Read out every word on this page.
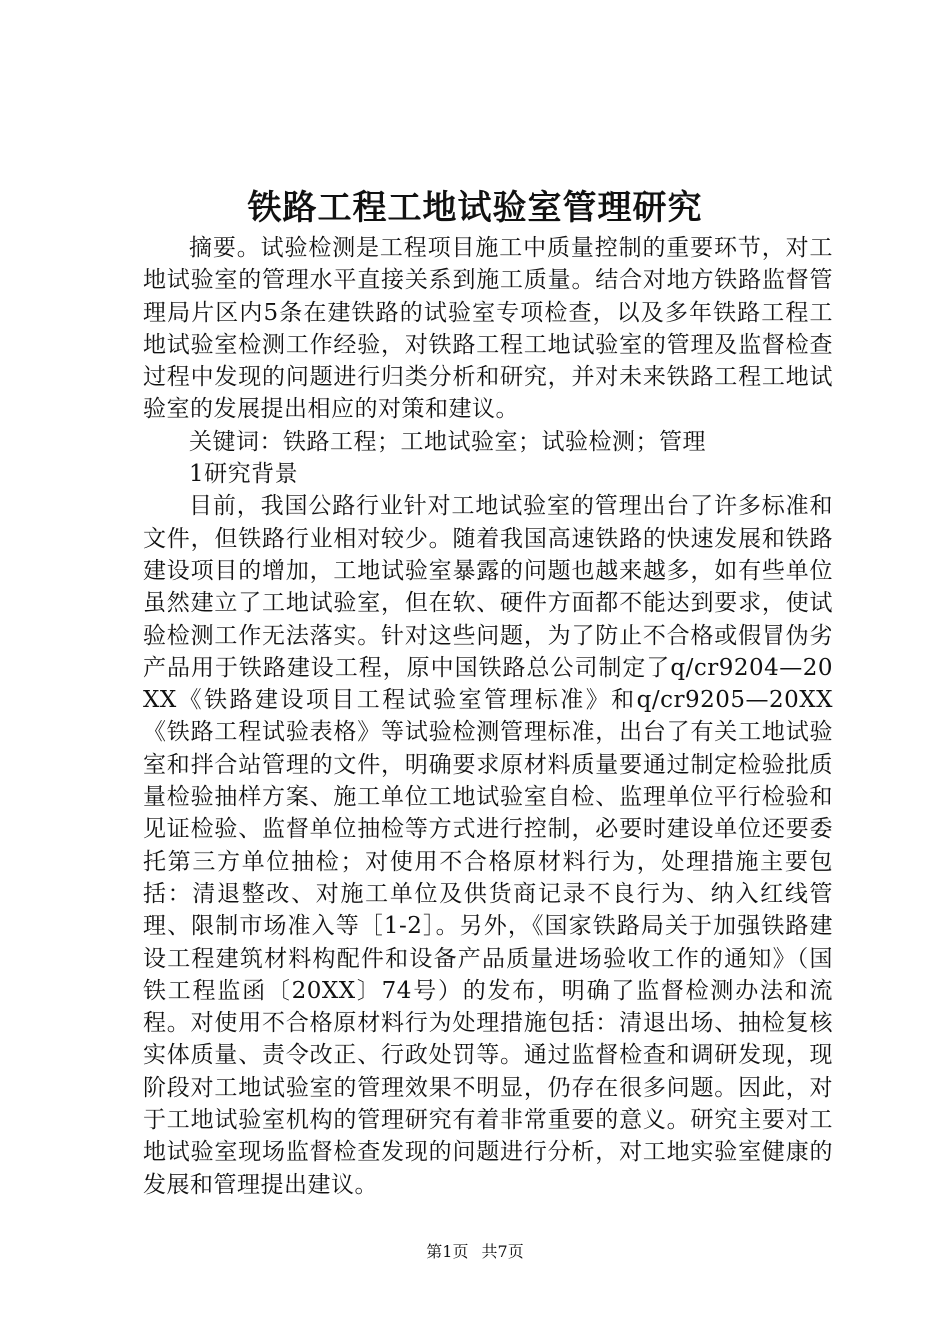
铁路工程工地试验室管理研究

摘要。试验检测是工程项目施工中质量控制的重要环节，对工地试验室的管理水平直接关系到施工质量。结合对地方铁路监督管理局片区内5条在建铁路的试验室专项检查，以及多年铁路工程工地试验室检测工作经验，对铁路工程工地试验室的管理及监督检查过程中发现的问题进行归类分析和研究，并对未来铁路工程工地试验室的发展提出相应的对策和建议。

关键词：铁路工程；工地试验室；试验检测；管理

1研究背景

目前，我国公路行业针对工地试验室的管理出台了许多标准和文件，但铁路行业相对较少。随着我国高速铁路的快速发展和铁路建设项目的增加，工地试验室暴露的问题也越来越多，如有些单位虽然建立了工地试验室，但在软、硬件方面都不能达到要求，使试验检测工作无法落实。针对这些问题，为了防止不合格或假冒伪劣产品用于铁路建设工程，原中国铁路总公司制定了q/cr9204—20XX《铁路建设项目工程试验室管理标准》和q/cr9205—20XX《铁路工程试验表格》等试验检测管理标准，出台了有关工地试验室和拌合站管理的文件，明确要求原材料质量要通过制定检验批质量检验抽样方案、施工单位工地试验室自检、监理单位平行检验和见证检验、监督单位抽检等方式进行控制，必要时建设单位还要委托第三方单位抽检；对使用不合格原材料行为，处理措施主要包括：清退整改、对施工单位及供货商记录不良行为、纳入红线管理、限制市场准入等［1-2］。另外，《国家铁路局关于加强铁路建设工程建筑材料构配件和设备产品质量进场验收工作的通知》（国铁工程监函〔20XX〕74号）的发布，明确了监督检测办法和流程。对使用不合格原材料行为处理措施包括：清退出场、抽检复核实体质量、责令改正、行政处罚等。通过监督检查和调研发现，现阶段对工地试验室的管理效果不明显，仍存在很多问题。因此，对于工地试验室机构的管理研究有着非常重要的意义。研究主要对工地试验室现场监督检查发现的问题进行分析，对工地实验室健康的发展和管理提出建议。

第1页 共7页
